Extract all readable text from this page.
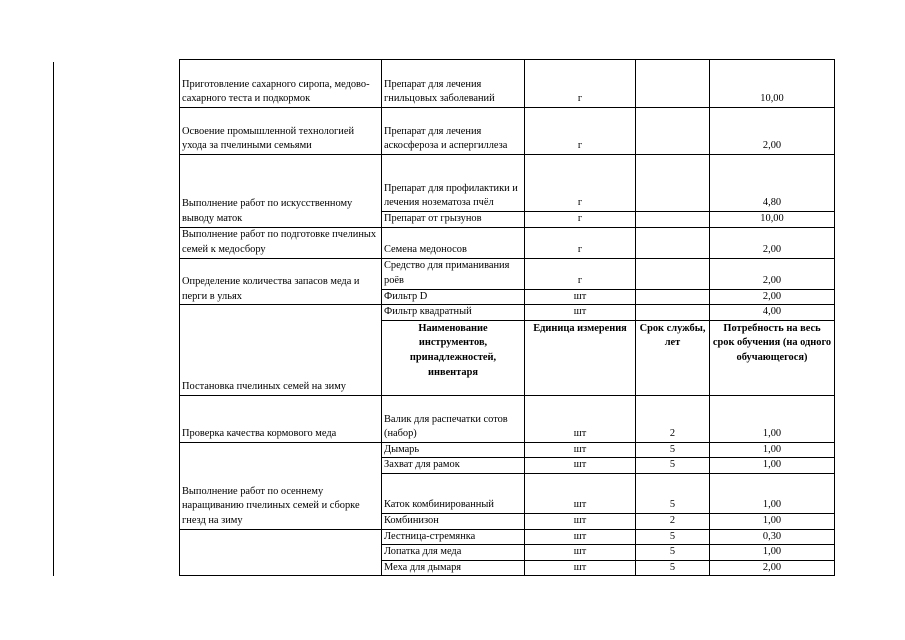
Приготовление сахарного сиропа, медово-сахарного теста и подкормок	Препарат для лечения гнильцовых заболеваний	г		10,00
Освоение промышленной технологией ухода за пчелиными семьями	Препарат для лечения аскосфероза и аспергиллеза	г		2,00
Выполнение работ по искусственному выводу маток	Препарат для профилактики и лечения нозематоза пчёл	г		4,80
	Препарат от грызунов	г		10,00
Выполнение работ по подготовке пчелиных семей к медосбору	Семена медоносов	г		2,00
Определение количества запасов меда и перги в ульях	Средство для приманивания роёв	г		2,00
	Фильтр D	шт		2,00
Постановка пчелиных семей на зиму	Фильтр квадратный	шт		4,00
	Наименование инструментов, принадлежностей, инвентаря	Единица измерения	Срок службы, лет	Потребность на весь срок обучения (на одного обучающегося)
Проверка качества кормового меда	Валик для распечатки сотов (набор)	шт	2	1,00
Выполнение работ по осеннему наращиванию пчелиных семей и сборке гнезд на зиму	Дымарь	шт	5	1,00
	Захват для рамок	шт	5	1,00
	Каток комбинированный	шт	5	1,00
	Комбинизон	шт	2	1,00
	Лестница-стремянка	шт	5	0,30
	Лопатка для меда	шт	5	1,00
	Меха для дымаря	шт	5	2,00
